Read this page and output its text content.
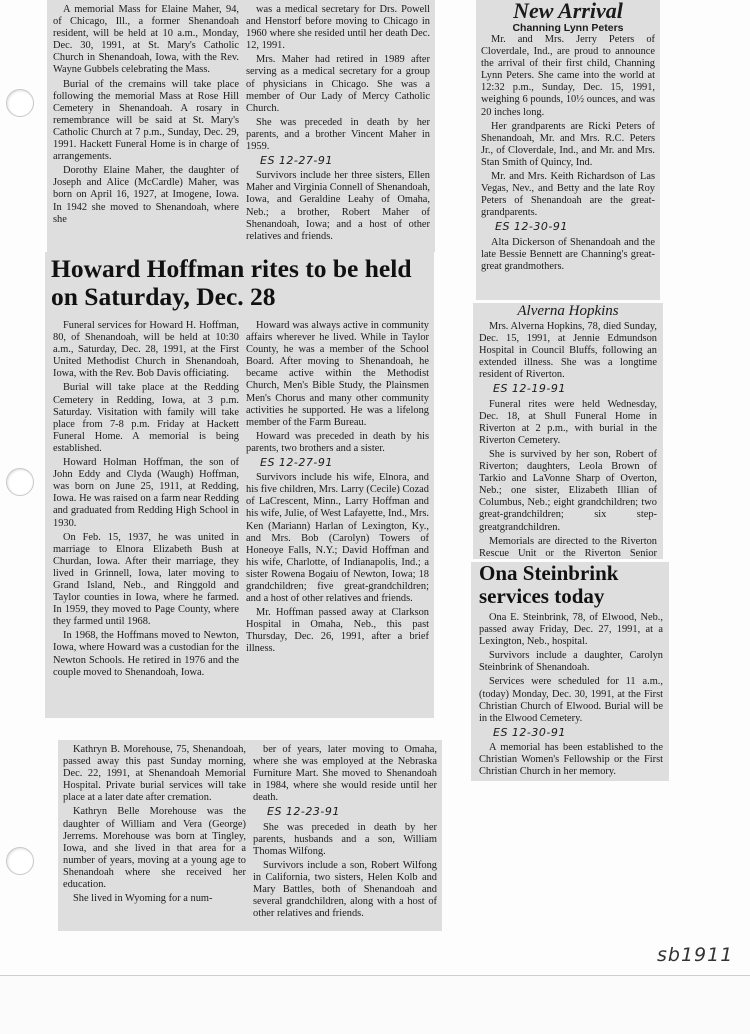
A memorial Mass for Elaine Maher, 94, of Chicago, Ill., a former Shenandoah resident, will be held at 10 a.m., Monday, Dec. 30, 1991, at St. Mary's Catholic Church in Shenandoah, Iowa, with the Rev. Wayne Gubbels celebrating the Mass.

Burial of the cremains will take place following the memorial Mass at Rose Hill Cemetery in Shenandoah. A rosary in remembrance will be said at St. Mary's Catholic Church at 7 p.m., Sunday, Dec. 29, 1991. Hackett Funeral Home is in charge of arrangements.

Dorothy Elaine Maher, the daughter of Joseph and Alice (McCardle) Maher, was born on April 16, 1927, at Imogene, Iowa. In 1942 she moved to Shenandoah, where she

was a medical secretary for Drs. Powell and Henstorf before moving to Chicago in 1960 where she resided until her death Dec. 12, 1991.

Mrs. Maher had retired in 1989 after serving as a medical secretary for a group of physicians in Chicago. She was a member of Our Lady of Mercy Catholic Church.

She was preceded in death by her parents, and a brother Vincent Maher in 1959.

ES 12-27-91

Survivors include her three sisters, Ellen Maher and Virginia Connell of Shenandoah, Iowa, and Geraldine Leahy of Omaha, Neb.; a brother, Robert Maher of Shenandoah, Iowa; and a host of other relatives and friends.

Howard Hoffman rites to be held on Saturday, Dec. 28

Funeral services for Howard H. Hoffman, 80, of Shenandoah, will be held at 10:30 a.m., Saturday, Dec. 28, 1991, at the First United Methodist Church in Shenandoah, Iowa, with the Rev. Bob Davis officiating.

Burial will take place at the Redding Cemetery in Redding, Iowa, at 3 p.m. Saturday. Visitation with family will take place from 7-8 p.m. Friday at Hackett Funeral Home. A memorial is being established.

Howard Holman Hoffman, the son of John Eddy and Clyda (Waugh) Hoffman, was born on June 25, 1911, at Redding, Iowa. He was raised on a farm near Redding and graduated from Redding High School in 1930.

On Feb. 15, 1937, he was united in marriage to Elnora Elizabeth Bush at Churdan, Iowa. After their marriage, they lived in Grinnell, Iowa, later moving to Grand Island, Neb., and Ringgold and Taylor counties in Iowa, where he farmed. In 1959, they moved to Page County, where they farmed until 1968.

In 1968, the Hoffmans moved to Newton, Iowa, where Howard was a custodian for the Newton Schools. He retired in 1976 and the couple moved to Shenandoah, Iowa.

Howard was always active in community affairs wherever he lived. While in Taylor County, he was a member of the School Board. After moving to Shenandoah, he became active within the Methodist Church, Men's Bible Study, the Plainsmen Men's Chorus and many other community activities he supported. He was a lifelong member of the Farm Bureau.

Howard was preceded in death by his parents, two brothers and a sister.

ES 12-27-91

Survivors include his wife, Elnora, and his five children, Mrs. Larry (Cecile) Cozad of LaCrescent, Minn., Larry Hoffman and his wife, Julie, of West Lafayette, Ind., Mrs. Ken (Mariann) Harlan of Lexington, Ky., and Mrs. Bob (Carolyn) Towers of Honeoye Falls, N.Y.; David Hoffman and his wife, Charlotte, of Indianapolis, Ind.; a sister Rowena Bogaiu of Newton, Iowa; 18 grandchildren; five great-grandchildren; and a host of other relatives and friends.

Mr. Hoffman passed away at Clarkson Hospital in Omaha, Neb., this past Thursday, Dec. 26, 1991, after a brief illness.

Kathryn B. Morehouse, 75, Shenandoah, passed away this past Sunday morning, Dec. 22, 1991, at Shenandoah Memorial Hospital. Private burial services will take place at a later date after cremation.

Kathryn Belle Morehouse was the daughter of William and Vera (George) Jerrems. Morehouse was born at Tingley, Iowa, and she lived in that area for a number of years, moving at a young age to Shenandoah where she received her education.

She lived in Wyoming for a num-

ber of years, later moving to Omaha, where she was employed at the Nebraska Furniture Mart. She moved to Shenandoah in 1984, where she would reside until her death.

ES 12-23-91

She was preceded in death by her parents, husbands and a son, William Thomas Wilfong.

Survivors include a son, Robert Wilfong in California, two sisters, Helen Kolb and Mary Battles, both of Shenandoah and several grandchildren, along with a host of other relatives and friends.

New Arrival
Channing Lynn Peters

Mr. and Mrs. Jerry Peters of Cloverdale, Ind., are proud to announce the arrival of their first child, Channing Lynn Peters. She came into the world at 12:32 p.m., Sunday, Dec. 15, 1991, weighing 6 pounds, 10½ ounces, and was 20 inches long.

Her grandparents are Ricki Peters of Shenandoah, Mr. and Mrs. R.C. Peters Jr., of Cloverdale, Ind., and Mr. and Mrs. Stan Smith of Quincy, Ind.

Mr. and Mrs. Keith Richardson of Las Vegas, Nev., and Betty and the late Roy Peters of Shenandoah are the great-grandparents.

ES 12-30-91

Alta Dickerson of Shenandoah and the late Bessie Bennett are Channing's great-great grandmothers.

Alverna Hopkins

Mrs. Alverna Hopkins, 78, died Sunday, Dec. 15, 1991, at Jennie Edmundson Hospital in Council Bluffs, following an extended illness. She was a longtime resident of Riverton.

ES 12-19-91

Funeral rites were held Wednesday, Dec. 18, at Shull Funeral Home in Riverton at 2 p.m., with burial in the Riverton Cemetery.

She is survived by her son, Robert of Riverton; daughters, Leola Brown of Tarkio and LaVonne Sharp of Overton, Neb.; one sister, Elizabeth Illian of Columbus, Neb.; eight grandchildren; two great-grandchildren; six step-greatgrandchildren.

Memorials are directed to the Riverton Rescue Unit or the Riverton Senior

Ona Steinbrink services today

Ona E. Steinbrink, 78, of Elwood, Neb., passed away Friday, Dec. 27, 1991, at a Lexington, Neb., hospital.

Survivors include a daughter, Carolyn Steinbrink of Shenandoah.

Services were scheduled for 11 a.m., (today) Monday, Dec. 30, 1991, at the First Christian Church of Elwood. Burial will be in the Elwood Cemetery.

ES 12-30-91

A memorial has been established to the Christian Women's Fellowship or the First Christian Church in her memory.

sb1911
